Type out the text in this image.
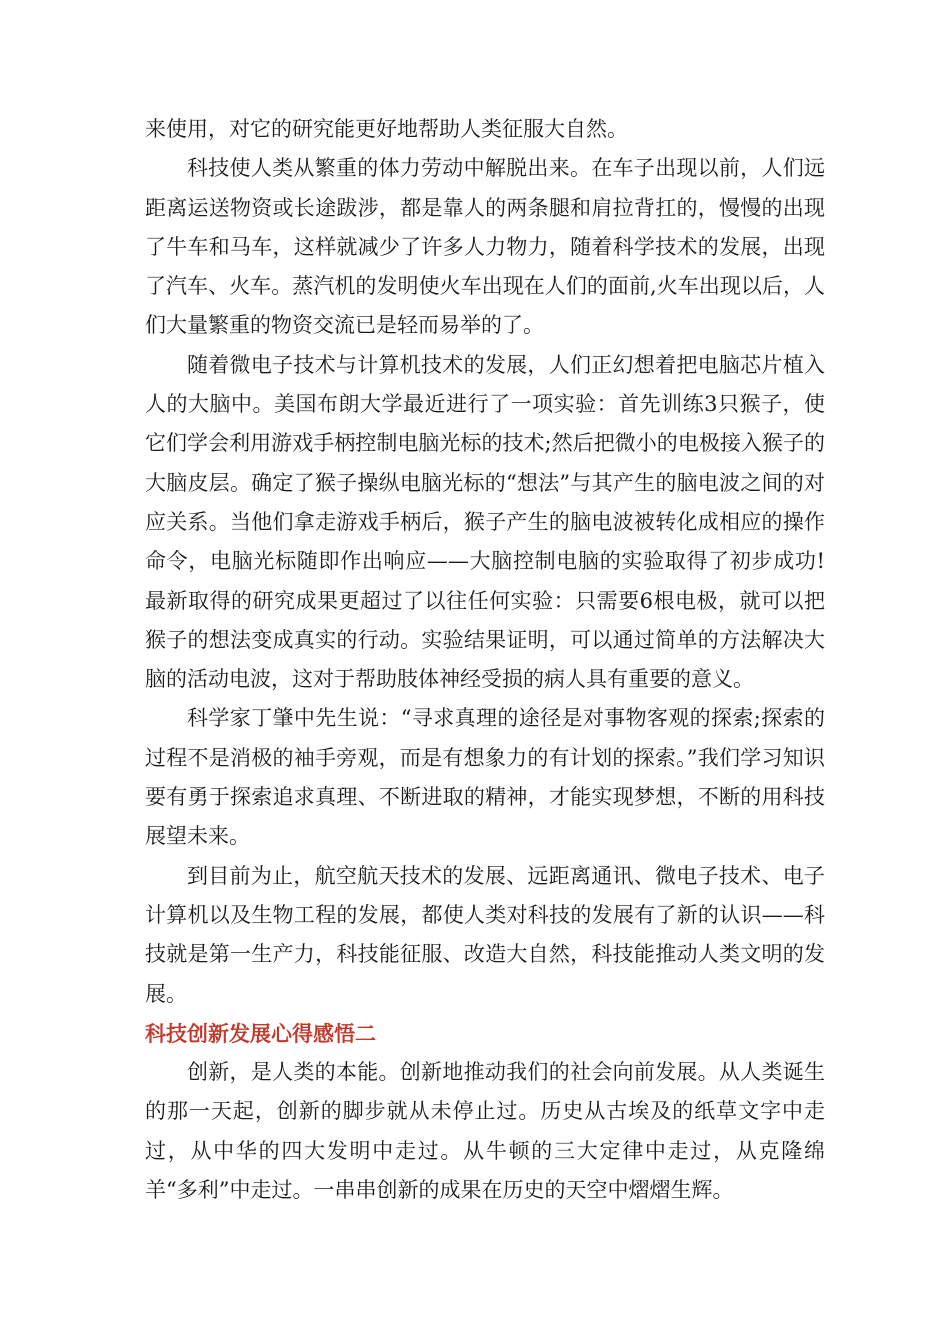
来使用，对它的研究能更好地帮助人类征服大自然。

科技使人类从繁重的体力劳动中解脱出来。在车子出现以前，人们远距离运送物资或长途跋涉，都是靠人的两条腿和肩拉背扛的，慢慢的出现了牛车和马车，这样就减少了许多人力物力，随着科学技术的发展，出现了汽车、火车。蒸汽机的发明使火车出现在人们的面前,火车出现以后，人们大量繁重的物资交流已是轻而易举的了。

随着微电子技术与计算机技术的发展，人们正幻想着把电脑芯片植入人的大脑中。美国布朗大学最近进行了一项实验：首先训练3只猴子，使它们学会利用游戏手柄控制电脑光标的技术;然后把微小的电极接入猴子的大脑皮层。确定了猴子操纵电脑光标的“想法”与其产生的脑电波之间的对应关系。当他们拿走游戏手柄后，猴子产生的脑电波被转化成相应的操作命令，电脑光标随即作出响应——大脑控制电脑的实验取得了初步成功!最新取得的研究成果更超过了以往任何实验：只需要6根电极，就可以把猴子的想法变成真实的行动。实验结果证明，可以通过简单的方法解决大脑的活动电波，这对于帮助肢体神经受损的病人具有重要的意义。

科学家丁肇中先生说：“寻求真理的途径是对事物客观的探索;探索的过程不是消极的袖手旁观，而是有想象力的有计划的探索。”我们学习知识要有勇于探索追求真理、不断进取的精神，才能实现梦想，不断的用科技展望未来。

到目前为止，航空航天技术的发展、远距离通讯、微电子技术、电子计算机以及生物工程的发展，都使人类对科技的发展有了新的认识——科技就是第一生产力，科技能征服、改造大自然，科技能推动人类文明的发展。

科技创新发展心得感悟二

创新，是人类的本能。创新地推动我们的社会向前发展。从人类诞生的那一天起，创新的脚步就从未停止过。历史从古埃及的纸草文字中走过，从中华的四大发明中走过。从牛顿的三大定律中走过，从克隆绵羊“多利”中走过。一串串创新的成果在历史的天空中熠熠生辉。
